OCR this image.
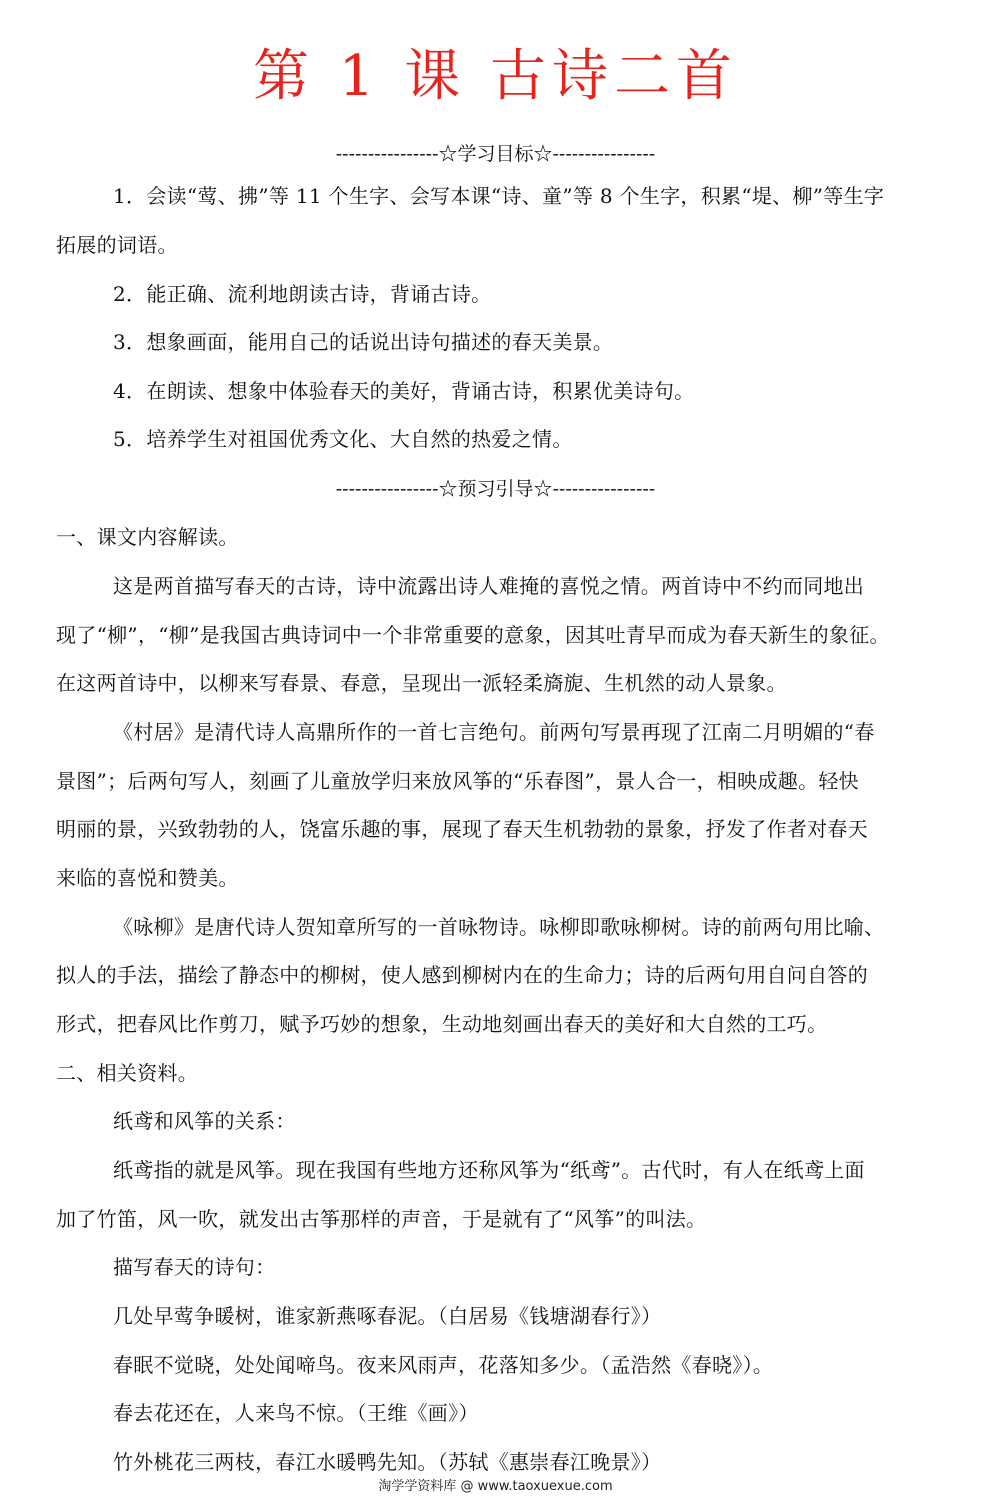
第 1 课 古诗二首
----------------☆学习目标☆----------------
1．会读“莺、拂”等 11 个生字、会写本课“诗、童”等 8 个生字，积累“堤、柳”等生字
拓展的词语。
2．能正确、流利地朗读古诗，背诵古诗。
3．想象画面，能用自己的话说出诗句描述的春天美景。
4．在朗读、想象中体验春天的美好，背诵古诗，积累优美诗句。
5．培养学生对祖国优秀文化、大自然的热爱之情。
----------------☆预习引导☆----------------
一、课文内容解读。
这是两首描写春天的古诗，诗中流露出诗人难掩的喜悦之情。两首诗中不约而同地出
现了“柳”，“柳”是我国古典诗词中一个非常重要的意象，因其吐青早而成为春天新生的象征。
在这两首诗中，以柳来写春景、春意，呈现出一派轻柔旖旎、生机然的动人景象。
《村居》是清代诗人高鼎所作的一首七言绝句。前两句写景再现了江南二月明媚的“春
景图”；后两句写人，刻画了儿童放学归来放风筝的“乐春图”，景人合一，相映成趣。轻快
明丽的景，兴致勃勃的人，饶富乐趣的事，展现了春天生机勃勃的景象，抒发了作者对春天
来临的喜悦和赞美。
《咏柳》是唐代诗人贺知章所写的一首咏物诗。咏柳即歌咏柳树。诗的前两句用比喻、
拟人的手法，描绘了静态中的柳树，使人感到柳树内在的生命力；诗的后两句用自问自答的
形式，把春风比作剪刀，赋予巧妙的想象，生动地刻画出春天的美好和大自然的工巧。
二、相关资料。
纸鸢和风筝的关系：
纸鸢指的就是风筝。现在我国有些地方还称风筝为“纸鸢”。古代时，有人在纸鸢上面
加了竹笛，风一吹，就发出古筝那样的声音，于是就有了“风筝”的叫法。
描写春天的诗句：
几处早莺争暖树，谁家新燕啄春泥。（白居易《钱塘湖春行》）
春眠不觉晓，处处闻啼鸟。夜来风雨声，花落知多少。（孟浩然《春晓》）。
春去花还在，人来鸟不惊。（王维《画》）
竹外桃花三两枝，春江水暖鸭先知。（苏轼《惠崇春江晚景》）
淘学学资料库 @ www.taoxuexue.com
